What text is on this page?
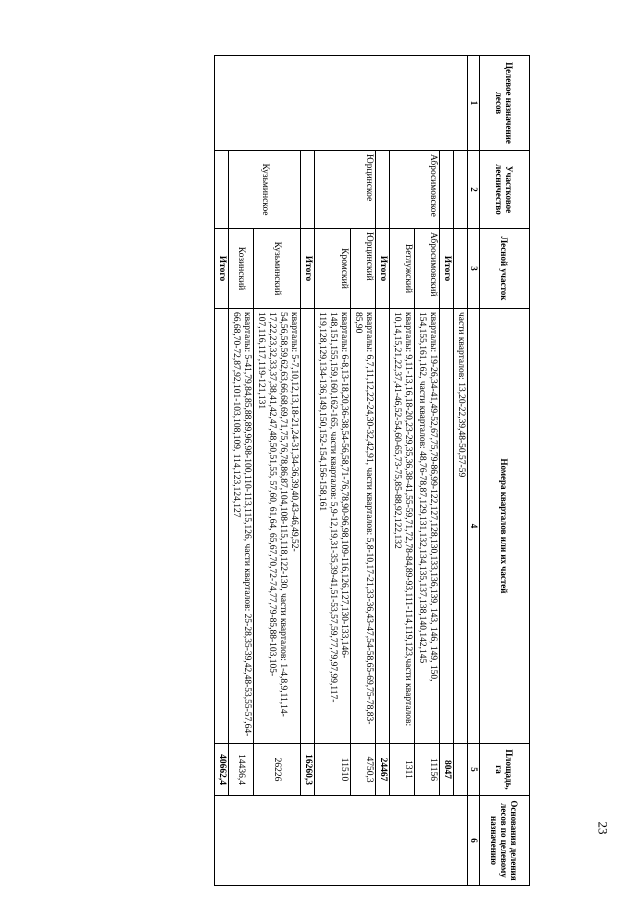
23
Целевое назначение лесов	Участковое лесничество	Лесной участок	Номера кварталов или их частей	Площадь, га	Основания деления лесов по целевому назначению
1	2	3	4	5	6
			части кварталов: 13,20-22,39,48-50,57-59		
		Итого		8047	
	Абросимовское	Абросимовский	кварталы: 19-26,34-41,49-52,67,75,79-86,99-122,127,128,130,133,136,139, 143, 146, 149, 150, 154,155,161,162, части кварталов: 48,76-78,87,129,131,132,134,135,137,138,140,142,145	11156	
		Ветлужский	кварталы: 9,11-13,16,18-20,23-29,35,36,38-41,55-59,71,72,78-84,89-93,111-114,119,123,части кварталов: 10,14,15,21,22,37,41-46,52-54,60-65,73-75,85-88,92,122,132	1311	
		Итого		24467	
	Юрцинское	Юрцинский	кварталы: 6,7,11,12,22-24,30-32,42,91, части кварталов: 5,8-10,17-21,33-36,43-47,54-58,65-69,75-78,83-85,90	4750,3	
		Кромский	кварталы: 6-8,13-18,20,36-38,54-56,58,71-76,78,90-96,98,109-116,126,127,130-133,146-148,151,155,159,160,162-165, части кварталов: 5,9-12,19,31-35,39-41,51-53,57,59,77,79,97,99,117-119,128,129,134-136,149,150,152-154,156-158,161	11510	
		Итого		16260,3	
	Кузьминское	Кузьминский	кварталы: 5-7,10,12,13,18-21,24-31,34-36,39,40,43-46,49,52-54,56,58,59,62,63,66,68,69,71,75,76,78,86,87,104,108-115,118,122-130, части кварталов: 1-4,8,9,11,14-17,22,23,32,33,37,38,41,42,47,48,50,51,55, 57,60, 61,64, 65,67,70,72-74,77,79-85,88-103,105-107,116,117,119-121,131	26226	
		Козинский	кварталы: 5-41,79,84,85,88,89,96,98-100,110-113,115,126, части кварталов: 25-28,35-39,42,48-53,55-57,64-66,68,70-72,87,92,101-103,108,109, 114,123,124,127	14436,4	
		Итого		40662,4	
